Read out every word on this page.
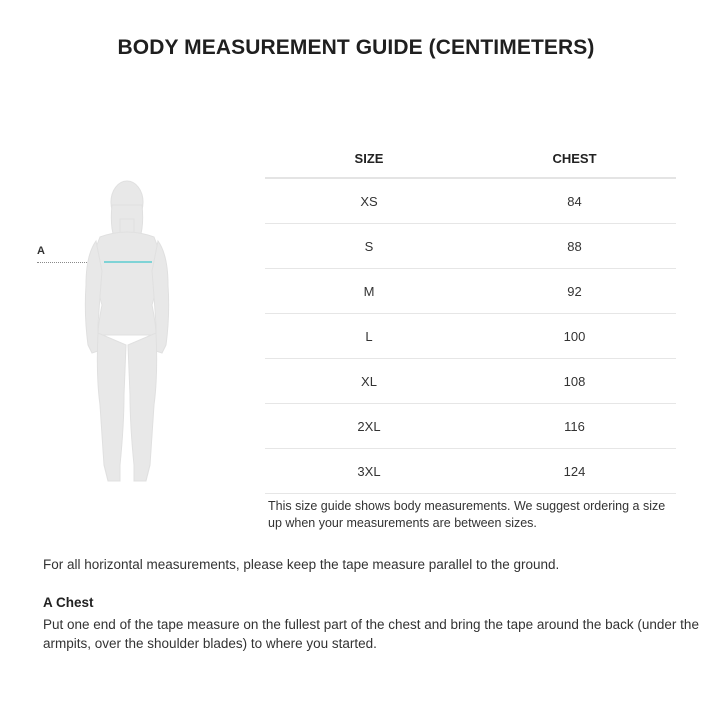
BODY MEASUREMENT GUIDE (CENTIMETERS)
A
SIZE	CHEST
XS	84
S	88
M	92
L	100
XL	108
2XL	116
3XL	124
This size guide shows body measurements. We suggest ordering a size up when your measurements are between sizes.
For all horizontal measurements, please keep the tape measure parallel to the ground.
A Chest
Put one end of the tape measure on the fullest part of the chest and bring the tape around the back (under the armpits, over the shoulder blades) to where you started.
